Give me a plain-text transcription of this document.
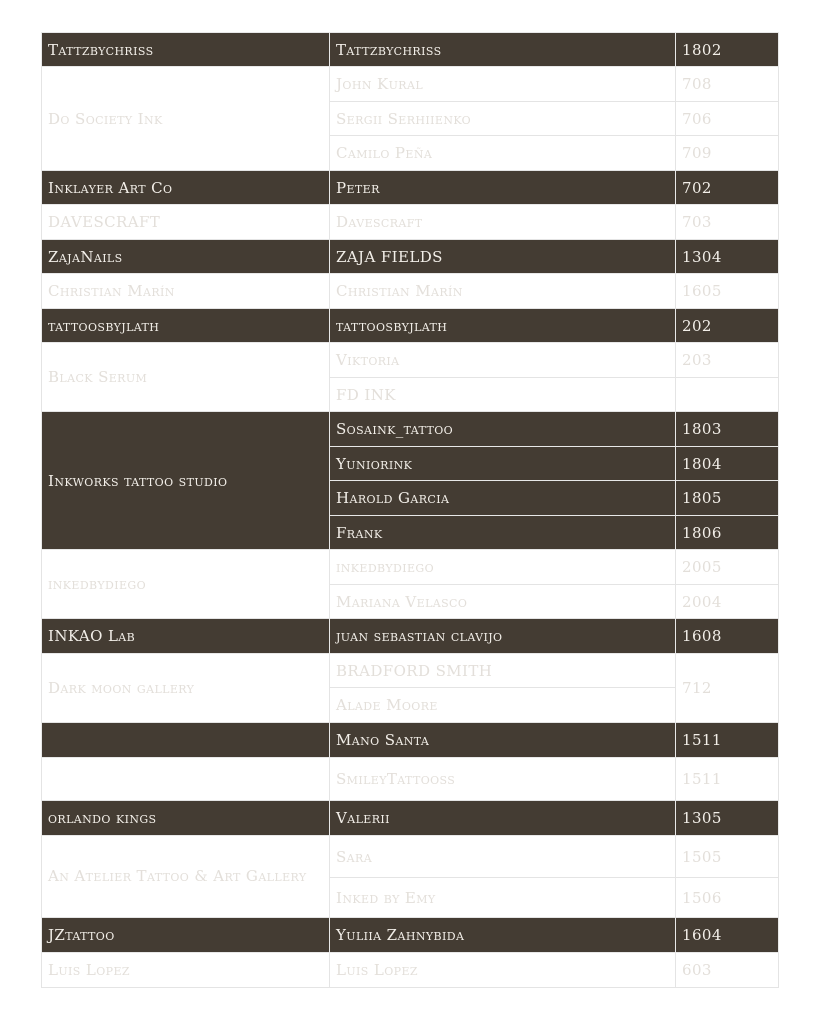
Tattzbychriss	Tattzbychriss	1802
Do Society Ink	John Kural	708
	Sergii Serhiienko	706
	Camilo Peña	709
Inklayer Art Co	Peter	702
DAVESCRAFT	Davescraft	703
ZajaNails	ZAJA FIELDS	1304
Christian Marín	Christian Marín	1605
tattoosbyjlath	tattoosbyjlath	202
Black Serum	Viktoria	203
	FD INK	
Inkworks tattoo studio	Sosaink_tattoo	1803
	Yuniorink	1804
	Harold Garcia	1805
	Frank	1806
inkedbydiego	inkedbydiego	2005
	Mariana Velasco	2004
INKAO Lab	juan sebastian clavijo	1608
Dark moon gallery	BRADFORD SMITH	712
	Alade Moore	
	Mano Santa	1511
	SmileyTattooss	1511
orlando kings	Valerii	1305
An Atelier Tattoo & Art Gallery	Sara	1505
	Inked by Emy	1506
JZtattoo	Yuliia Zahnybida	1604
Luis Lopez	Luis Lopez	603
